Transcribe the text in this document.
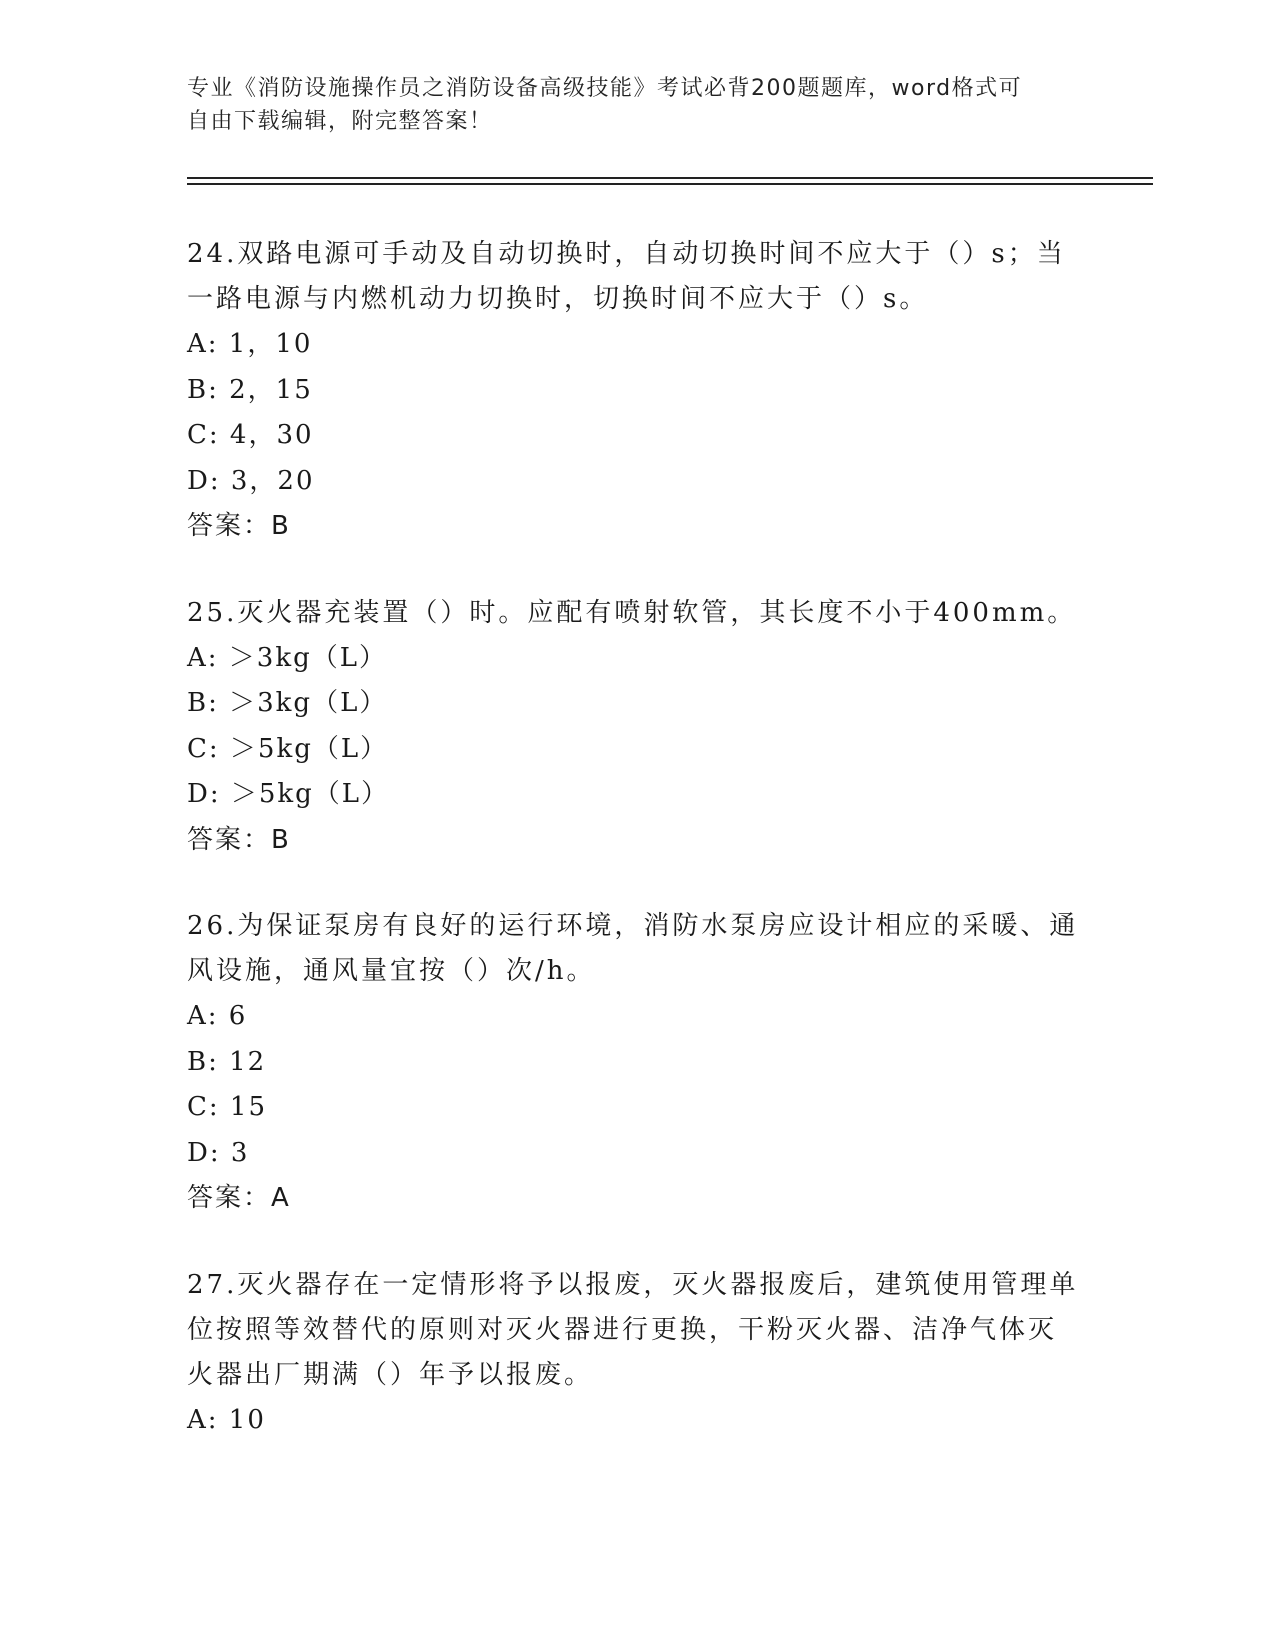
专业《消防设施操作员之消防设备高级技能》考试必背200题题库，word格式可
自由下载编辑，附完整答案！

24.双路电源可手动及自动切换时，自动切换时间不应大于（）s；当

一路电源与内燃机动力切换时，切换时间不应大于（）s。

A: 1，10

B: 2，15

C: 4，30

D: 3，20

答案：B

25.灭火器充装置（）时。应配有喷射软管，其长度不小于400mm。

A: ＞3kg（L）

B: ＞3kg（L）

C: ＞5kg（L）

D: ＞5kg（L）

答案：B

26.为保证泵房有良好的运行环境，消防水泵房应设计相应的采暖、通

风设施，通风量宜按（）次/h。

A: 6

B: 12

C: 15

D: 3

答案：A

27.灭火器存在一定情形将予以报废，灭火器报废后，建筑使用管理单

位按照等效替代的原则对灭火器进行更换，干粉灭火器、洁净气体灭

火器出厂期满（）年予以报废。

A: 10
